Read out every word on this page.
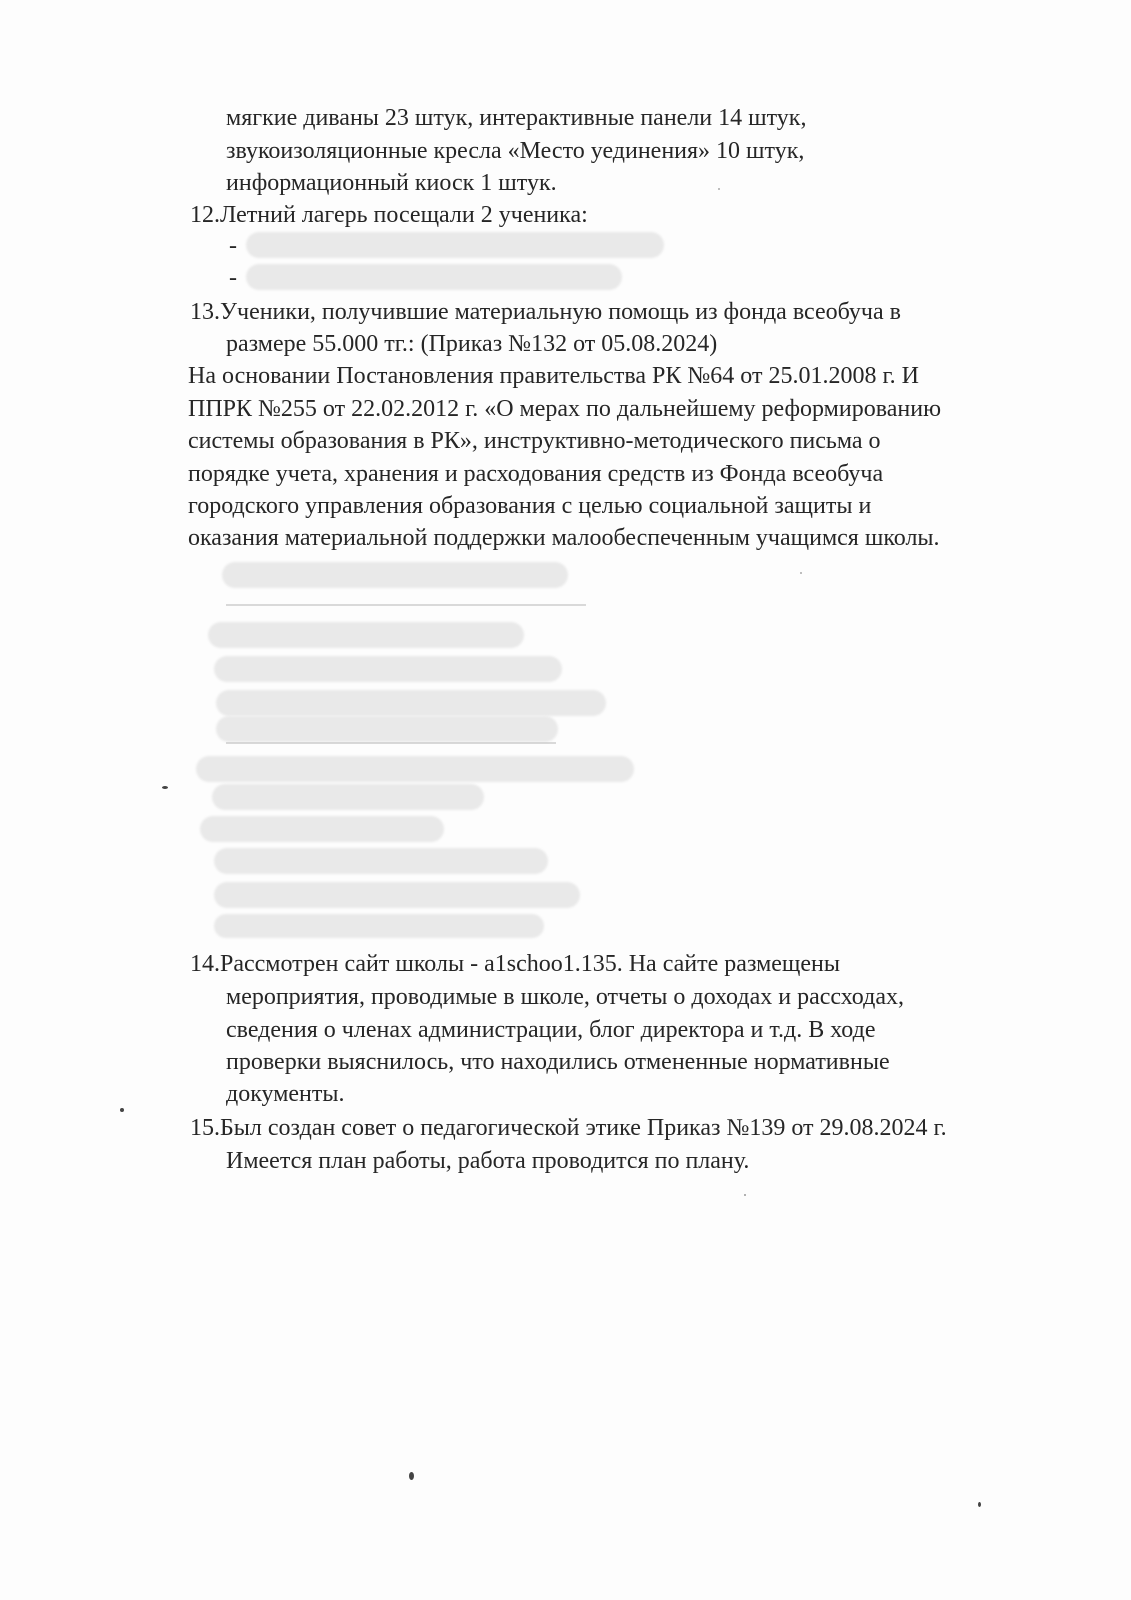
мягкие диваны 23 штук, интерактивные панели 14 штук,
звукоизоляционные кресла «Место уединения» 10 штук,
информационный киоск 1 штук.
12.Летний лагерь посещали 2 ученика:
-
-
13.Ученики, получившие материальную помощь из фонда всеобуча в
размере 55.000 тг.: (Приказ №132 от 05.08.2024)
На основании Постановления правительства РК №64 от 25.01.2008 г. И
ППРК №255 от 22.02.2012 г. «О мерах по дальнейшему реформированию
системы образования в РК», инструктивно-методического письма о
порядке учета, хранения и расходования средств из Фонда всеобуча
городского управления образования с целью социальной защиты и
оказания материальной поддержки малообеспеченным учащимся школы.
14.Рассмотрен сайт школы - a1schoo1.135. На сайте размещены
мероприятия, проводимые в школе, отчеты о доходах и рассходах,
сведения о членах администрации, блог директора и т.д. В ходе
проверки выяснилось, что находились отмененные нормативные
документы.
15.Был создан совет о педагогической этике Приказ №139 от 29.08.2024 г.
Имеется план работы, работа проводится по плану.
